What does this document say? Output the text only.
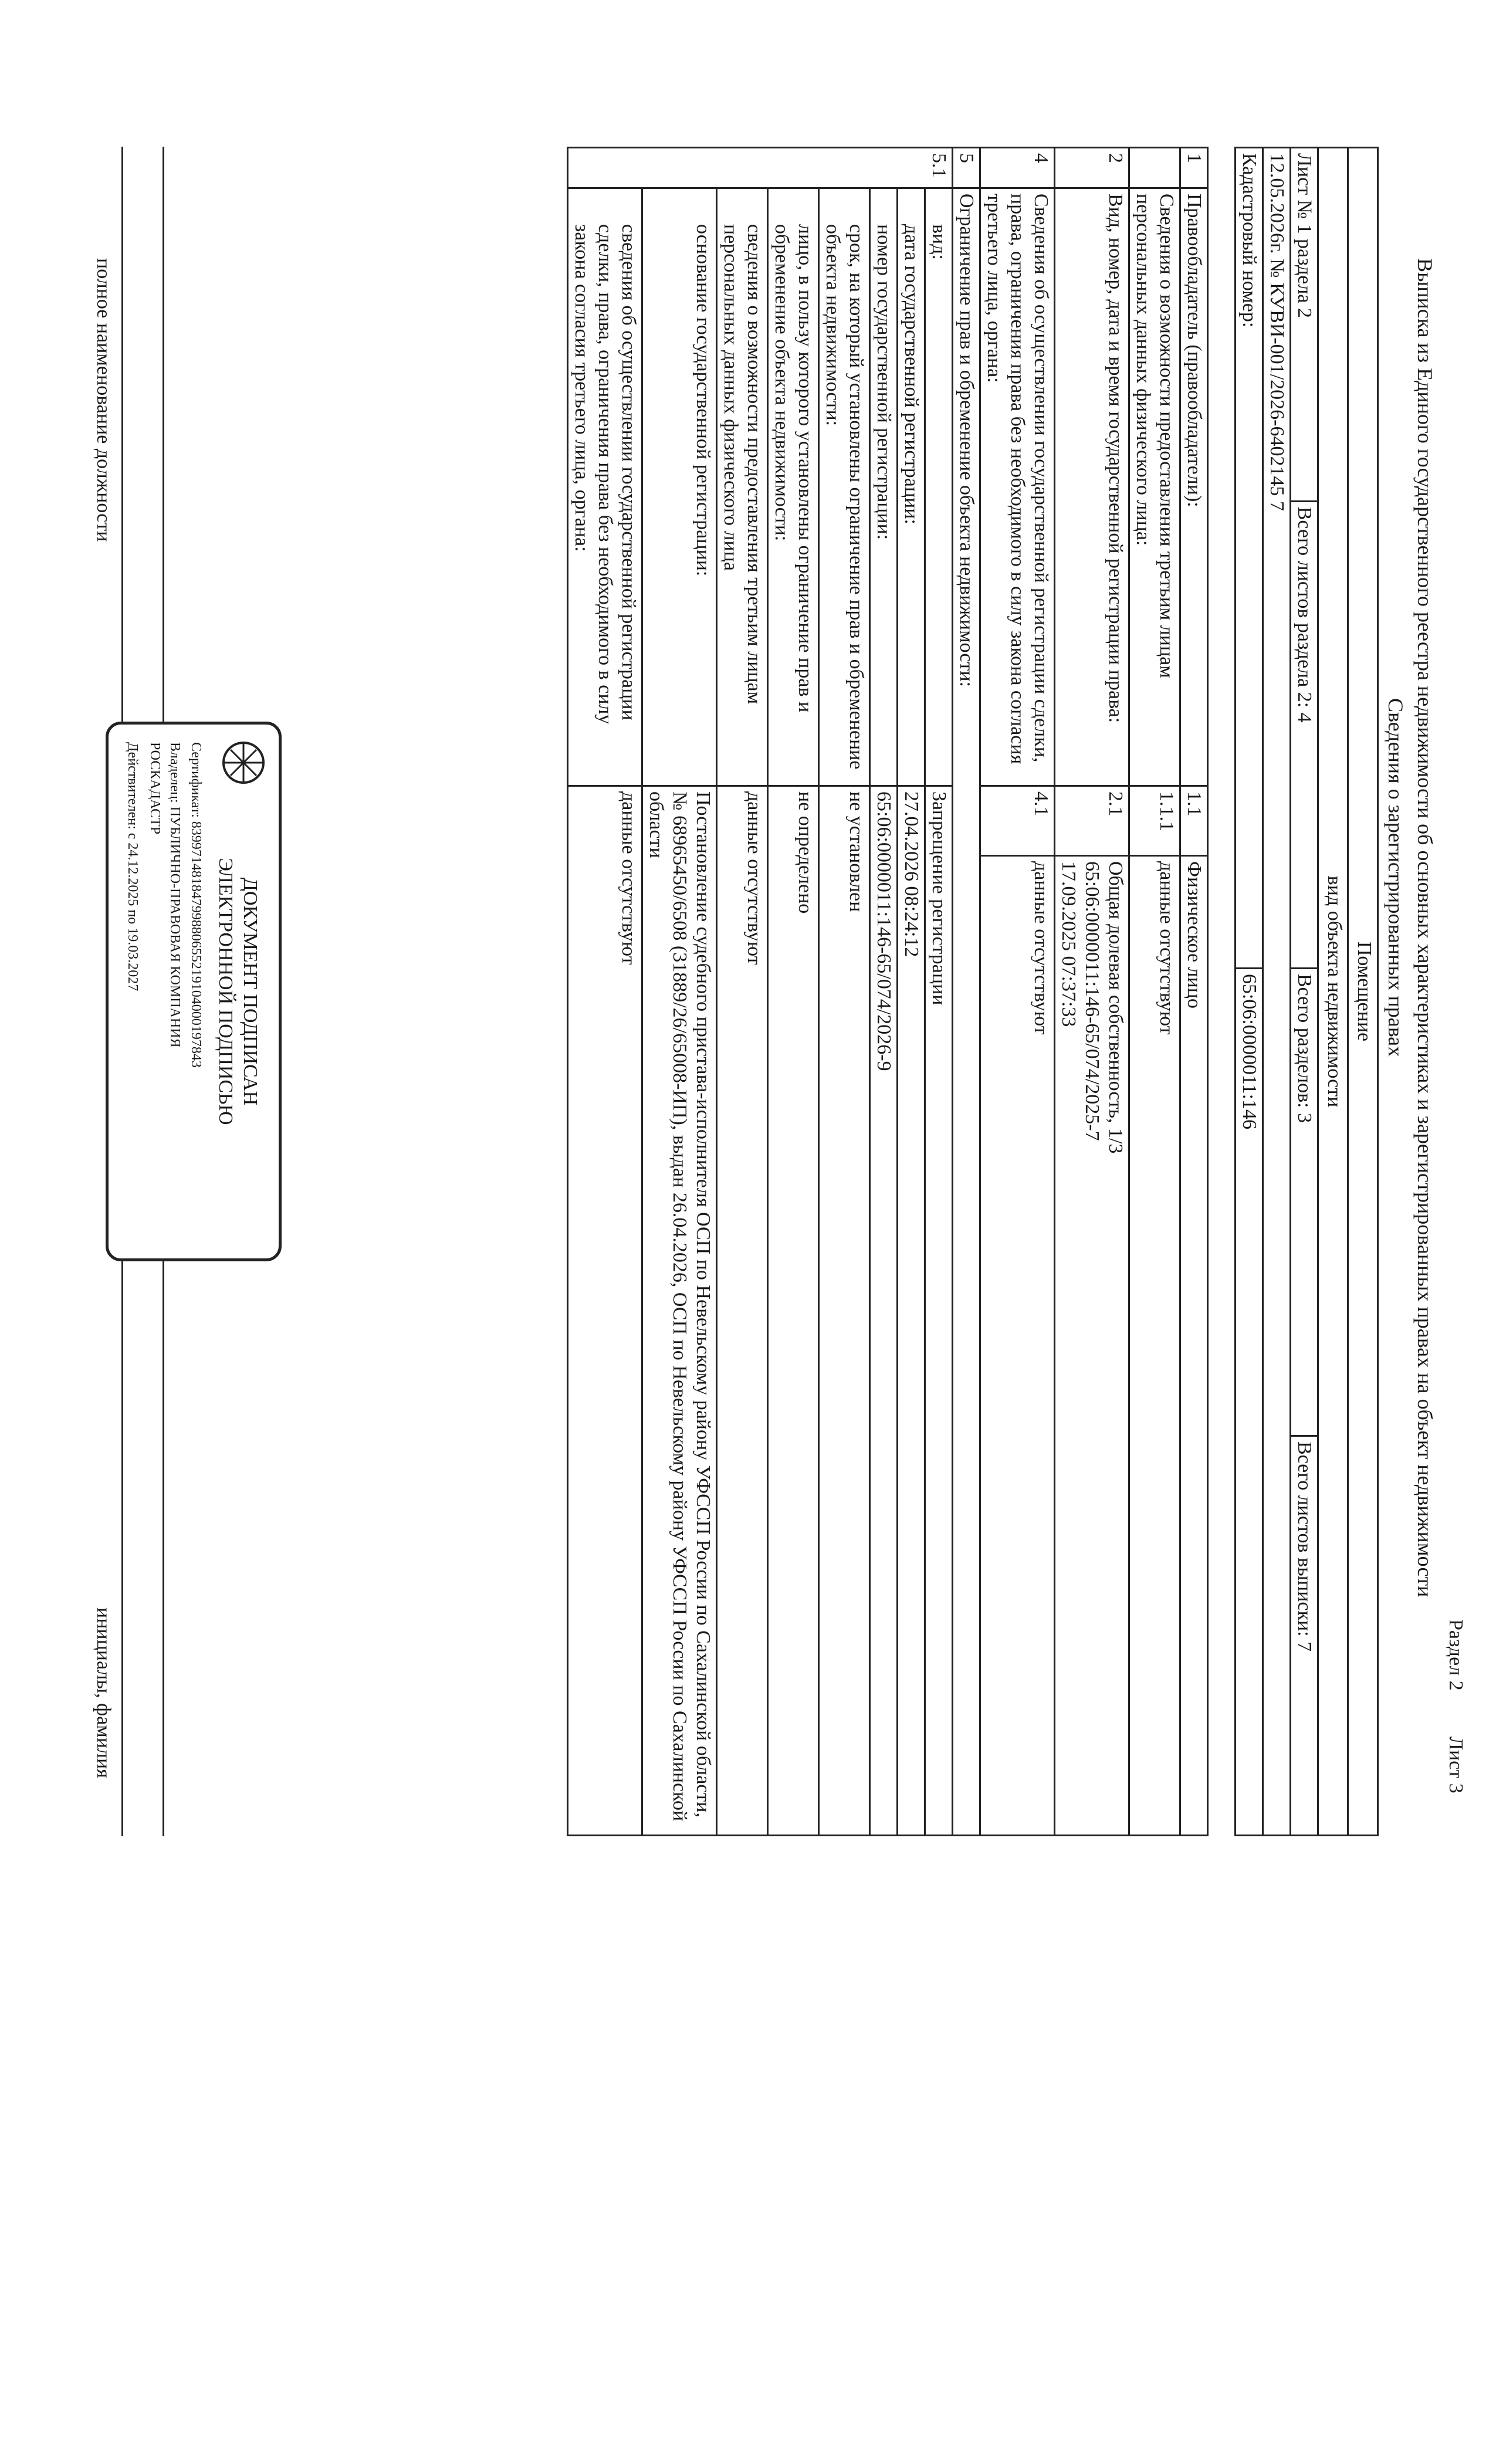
Раздел 2
Лист 3
Выписка из Единого государственного реестра недвижимости об основных характеристиках и зарегистрированных правах на объект недвижимости
Сведения о зарегистрированных правах
Помещение			
вид объекта недвижимости			
Лист № 1 раздела 2	Всего листов раздела 2: 4	Всего разделов: 3	Всего листов выписки: 7
12.05.2026г. № КУВИ-001/2026-6402145 7			
Кадастровый номер:		65:06:0000011:146	
1	Правообладатель (правообладатели):	1.1	Физическое лицо
	Сведения о возможности предоставления третьим лицам персональных данных физического лица:	1.1.1	данные отсутствуют
2	Вид, номер, дата и время государственной регистрации права:	2.1	Общая долевая собственность, 1/3
65:06:0000011:146-65/074/2025-7
17.09.2025 07:37:33
4	Сведения об осуществлении государственной регистрации сделки, права, ограничения права без необходимого в силу закона согласия третьего лица, органа:	4.1	данные отсутствуют
5	Ограничение прав и обременение объекта недвижимости:		
5.1	вид:	Запрещение регистрации	
	дата государственной регистрации:	27.04.2026 08:24:12	
	номер государственной регистрации:	65:06:0000011:146-65/074/2026-9	
	срок, на который установлены ограничение прав и обременение объекта недвижимости:	не установлен	
	лицо, в пользу которого установлены ограничение прав и обременение объекта недвижимости:	не определено	
	сведения о возможности предоставления третьим лицам персональных данных физического лица	данные отсутствуют	
	основание государственной регистрации:	Постановление судебного пристава-исполнителя ОСП по Невельскому району УФССП России по Сахалинской области, № 68965450/6508 (31889/26/65008-ИП), выдан 26.04.2026, ОСП по Невельскому району УФССП России по Сахалинской области	
	сведения об осуществлении государственной регистрации сделки, права, ограничения права без необходимого в силу закона согласия третьего лица, органа:	данные отсутствуют	
полное наименование должности
инициалы, фамилия
ДОКУМЕНТ ПОДПИСАН
ЭЛЕКТРОННОЙ ПОДПИСЬЮ
Сертификат: 83997148184799880655219104000197843
Владелец: ПУБЛИЧНО-ПРАВОВАЯ КОМПАНИЯ
РОСКАДАСТР
Действителен: с 24.12.2025 по 19.03.2027
